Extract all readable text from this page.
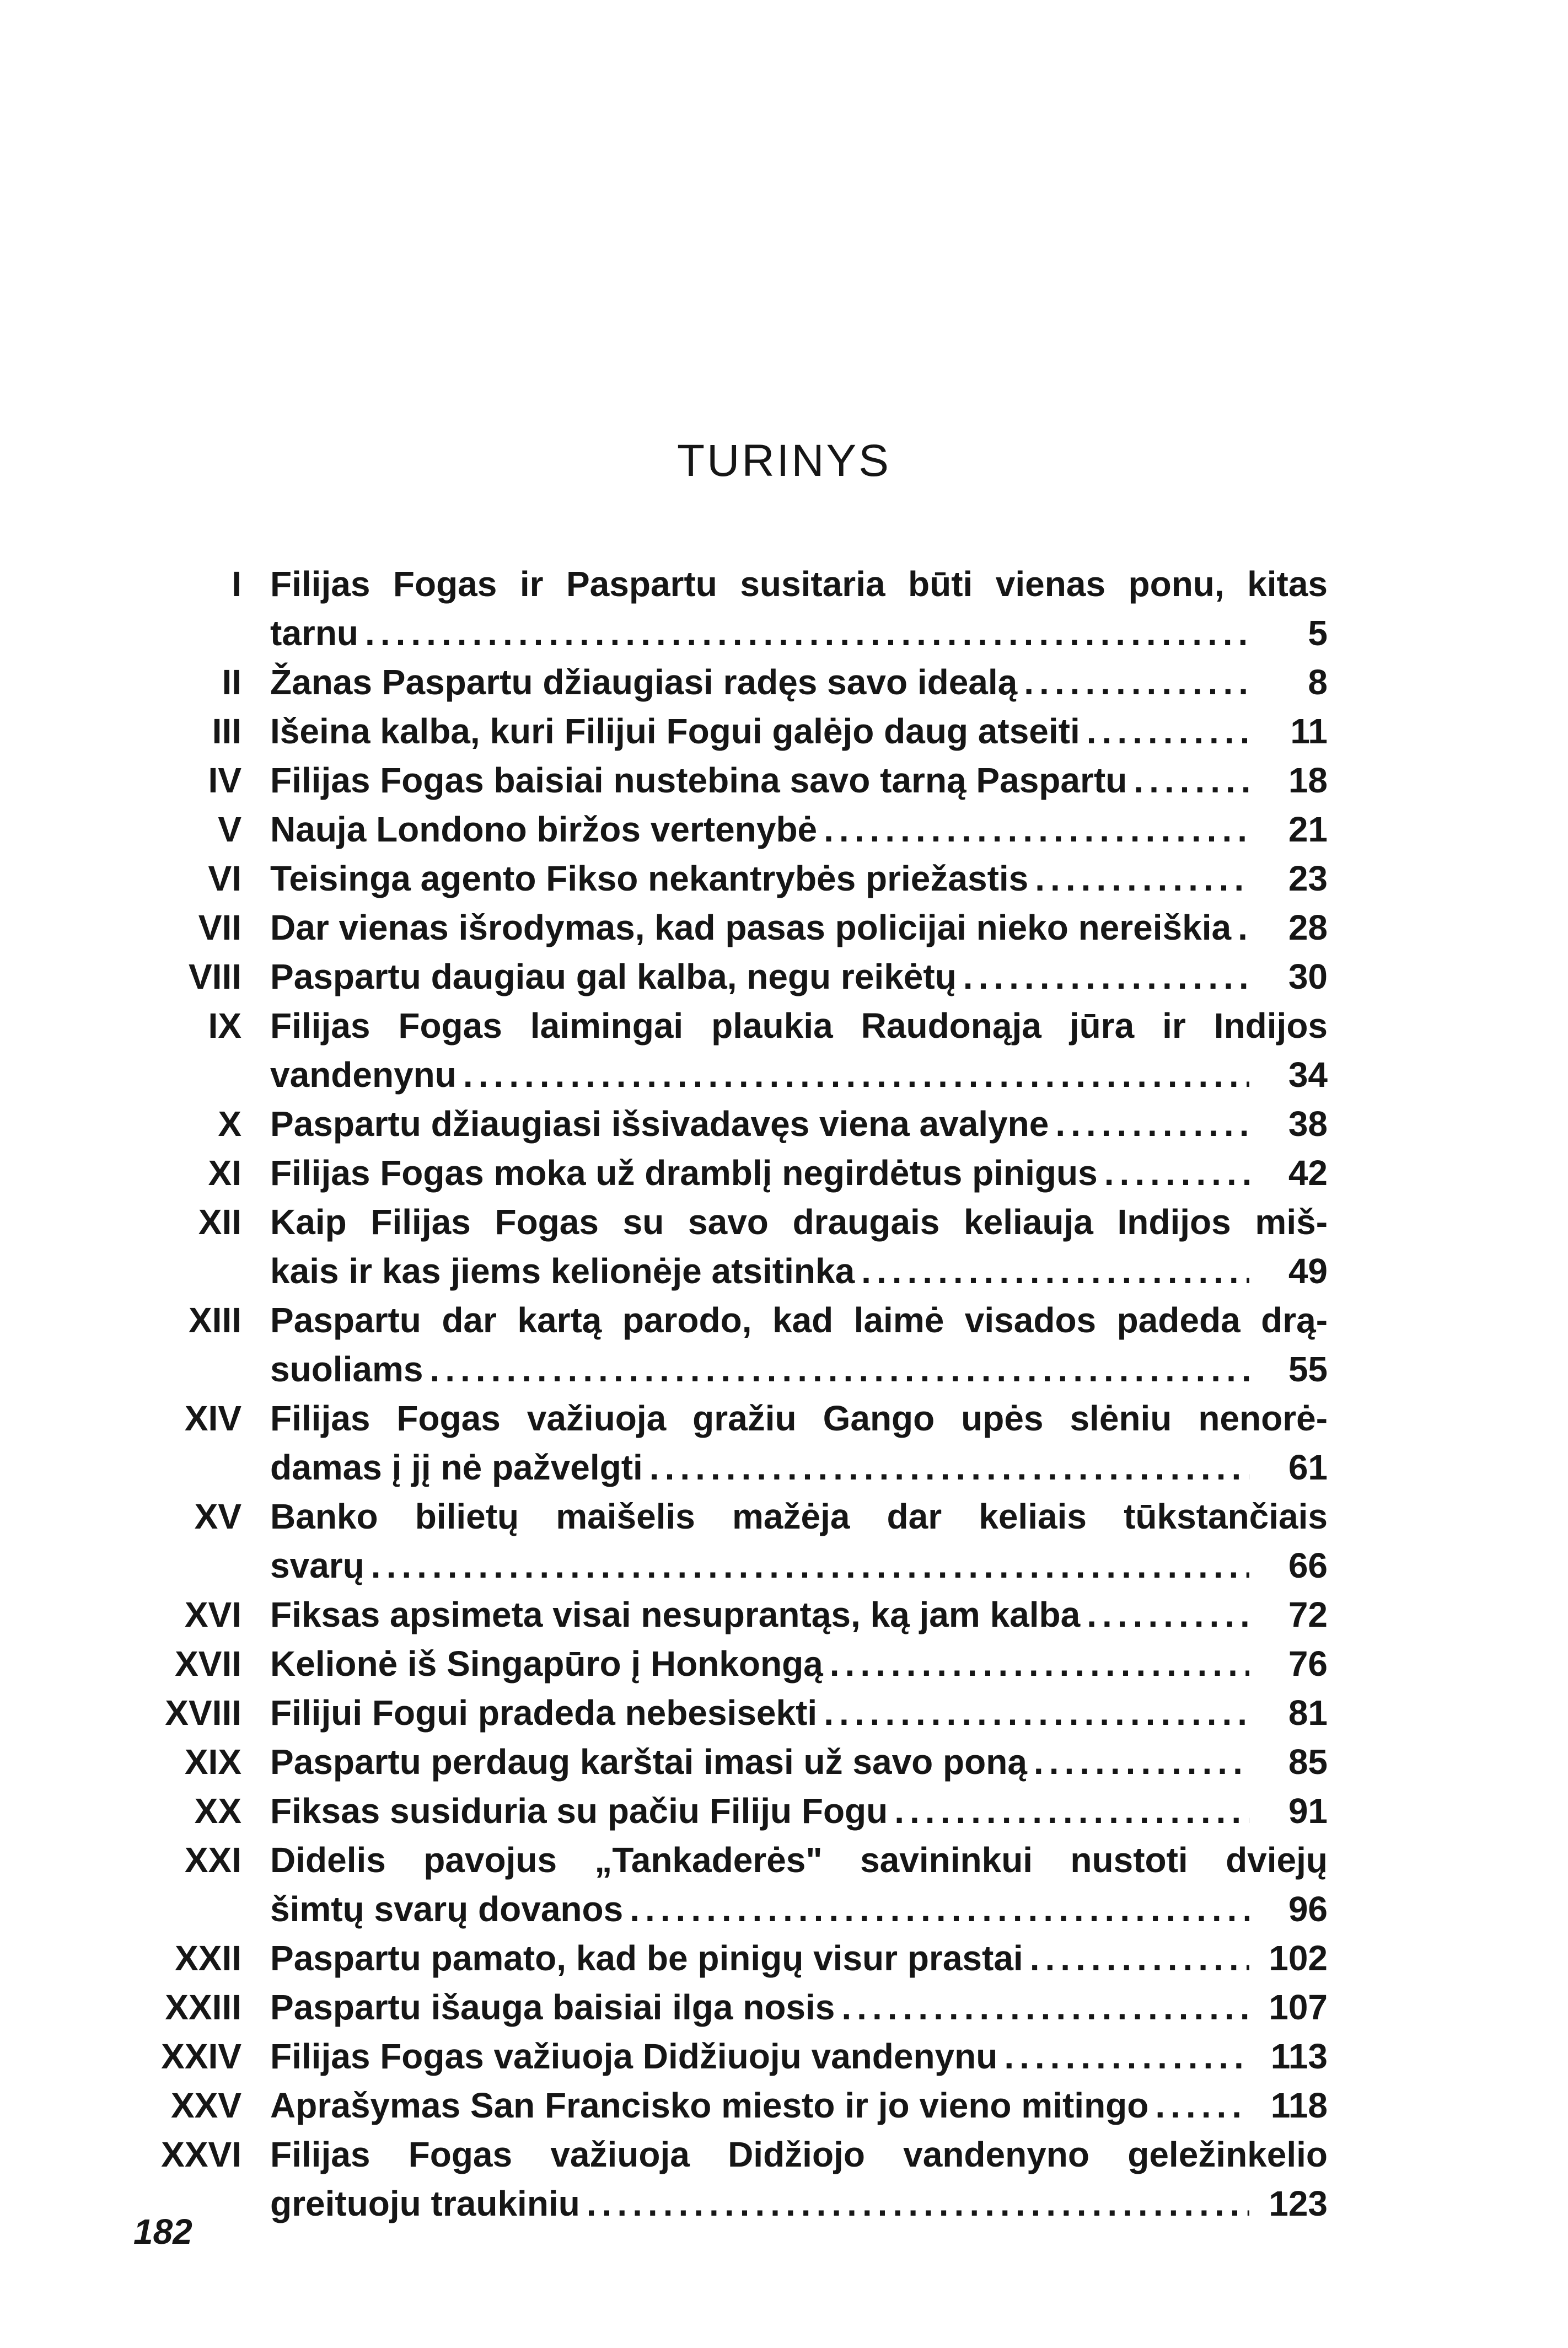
TURINYS
I Filijas Fogas ir Paspartu susitaria būti vienas ponu, kitas
tarnu .....	5
II Žanas Paspartu džiaugiasi radęs savo idealą .....	8
III Išeina kalba, kuri Filijui Fogui galėjo daug atseiti .....	11
IV Filijas Fogas baisiai nustebina savo tarną Paspartu .....	18
V Nauja Londono biržos vertenybė .....	21
VI Teisinga agento Fikso nekantrybės priežastis .....	23
VII Dar vienas išrodymas, kad pasas policijai nieko nereiškia .....	28
VIII Paspartu daugiau gal kalba, negu reikėtų .....	30
IX Filijas Fogas laimingai plaukia Raudonąja jūra ir Indijos
vandenynu .....	34
X Paspartu džiaugiasi išsivadavęs viena avalyne .....	38
XI Filijas Fogas moka už dramblį negirdėtus pinigus .....	42
XII Kaip Filijas Fogas su savo draugais keliauja Indijos miš-
kais ir kas jiems kelionėje atsitinka .....	49
XIII Paspartu dar kartą parodo, kad laimė visados padeda drą-
suoliams .....	55
XIV Filijas Fogas važiuoja gražiu Gango upės slėniu nenorė-
damas į jį nė pažvelgti .....	61
XV Banko bilietų maišelis mažėja dar keliais tūkstančiais
svarų .....	66
XVI Fiksas apsimeta visai nesuprantąs, ką jam kalba .....	72
XVII Kelionė iš Singapūro į Honkongą .....	76
XVIII Filijui Fogui pradeda nebesisekti .....	81
XIX Paspartu perdaug karštai imasi už savo poną .....	85
XX Fiksas susiduria su pačiu Filiju Fogu .....	91
XXI Didelis pavojus „Tankaderės" savininkui nustoti dviejų
šimtų svarų dovanos .....	96
XXII Paspartu pamato, kad be pinigų visur prastai .....	102
XXIII Paspartu išauga baisiai ilga nosis .....	107
XXIV Filijas Fogas važiuoja Didžiuoju vandenynu .....	113
XXV Aprašymas San Francisko miesto ir jo vieno mitingo .....	118
XXVI Filijas Fogas važiuoja Didžiojo vandenyno geležinkelio
greituoju traukiniu .....	123
182
